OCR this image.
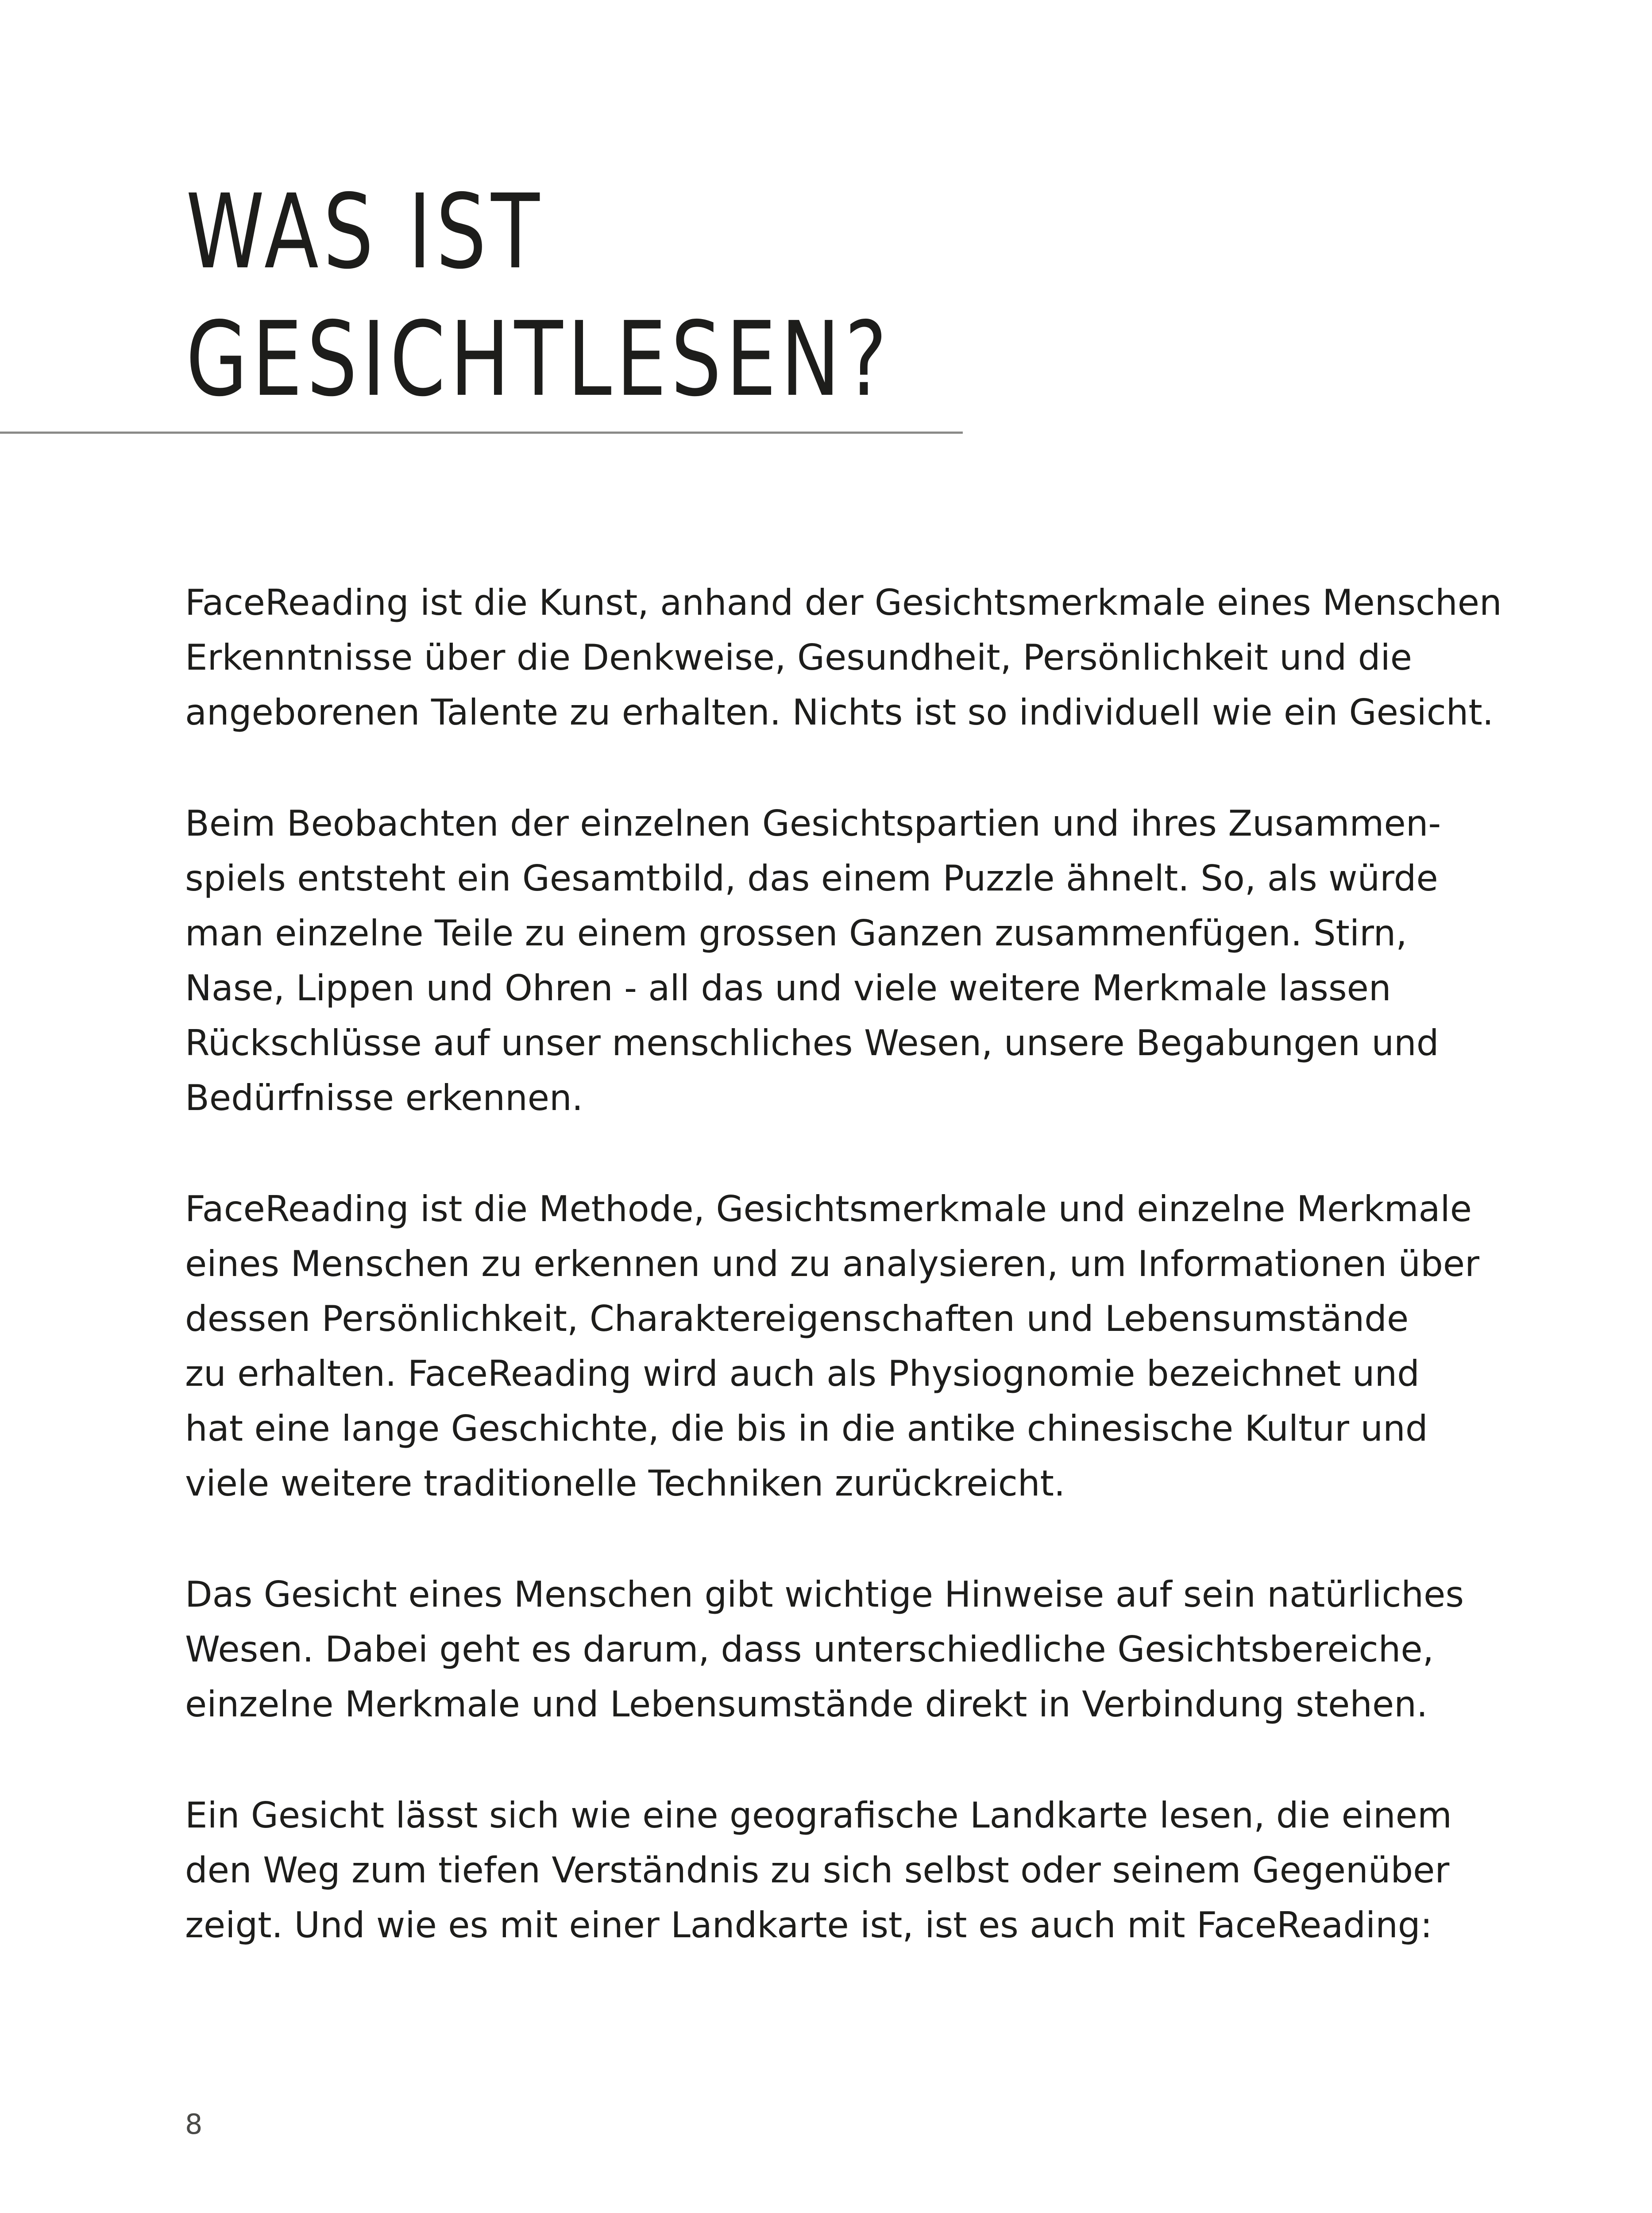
WAS IST
GESICHTLESEN?

FaceReading ist die Kunst, anhand der Gesichtsmerkmale eines Menschen
Erkenntnisse über die Denkweise, Gesundheit, Persönlichkeit und die
angeborenen Talente zu erhalten. Nichts ist so individuell wie ein Gesicht.

Beim Beobachten der einzelnen Gesichtspartien und ihres Zusammen-
spiels entsteht ein Gesamtbild, das einem Puzzle ähnelt. So, als würde
man einzelne Teile zu einem grossen Ganzen zusammenfügen. Stirn,
Nase, Lippen und Ohren - all das und viele weitere Merkmale lassen
Rückschlüsse auf unser menschliches Wesen, unsere Begabungen und
Bedürfnisse erkennen.

FaceReading ist die Methode, Gesichtsmerkmale und einzelne Merkmale
eines Menschen zu erkennen und zu analysieren, um Informationen über
dessen Persönlichkeit, Charaktereigenschaften und Lebensumstände
zu erhalten. FaceReading wird auch als Physiognomie bezeichnet und
hat eine lange Geschichte, die bis in die antike chinesische Kultur und
viele weitere traditionelle Techniken zurückreicht.

Das Gesicht eines Menschen gibt wichtige Hinweise auf sein natürliches
Wesen. Dabei geht es darum, dass unterschiedliche Gesichtsbereiche,
einzelne Merkmale und Lebensumstände direkt in Verbindung stehen.

Ein Gesicht lässt sich wie eine geografische Landkarte lesen, die einem
den Weg zum tiefen Verständnis zu sich selbst oder seinem Gegenüber
zeigt. Und wie es mit einer Landkarte ist, ist es auch mit FaceReading:

8
